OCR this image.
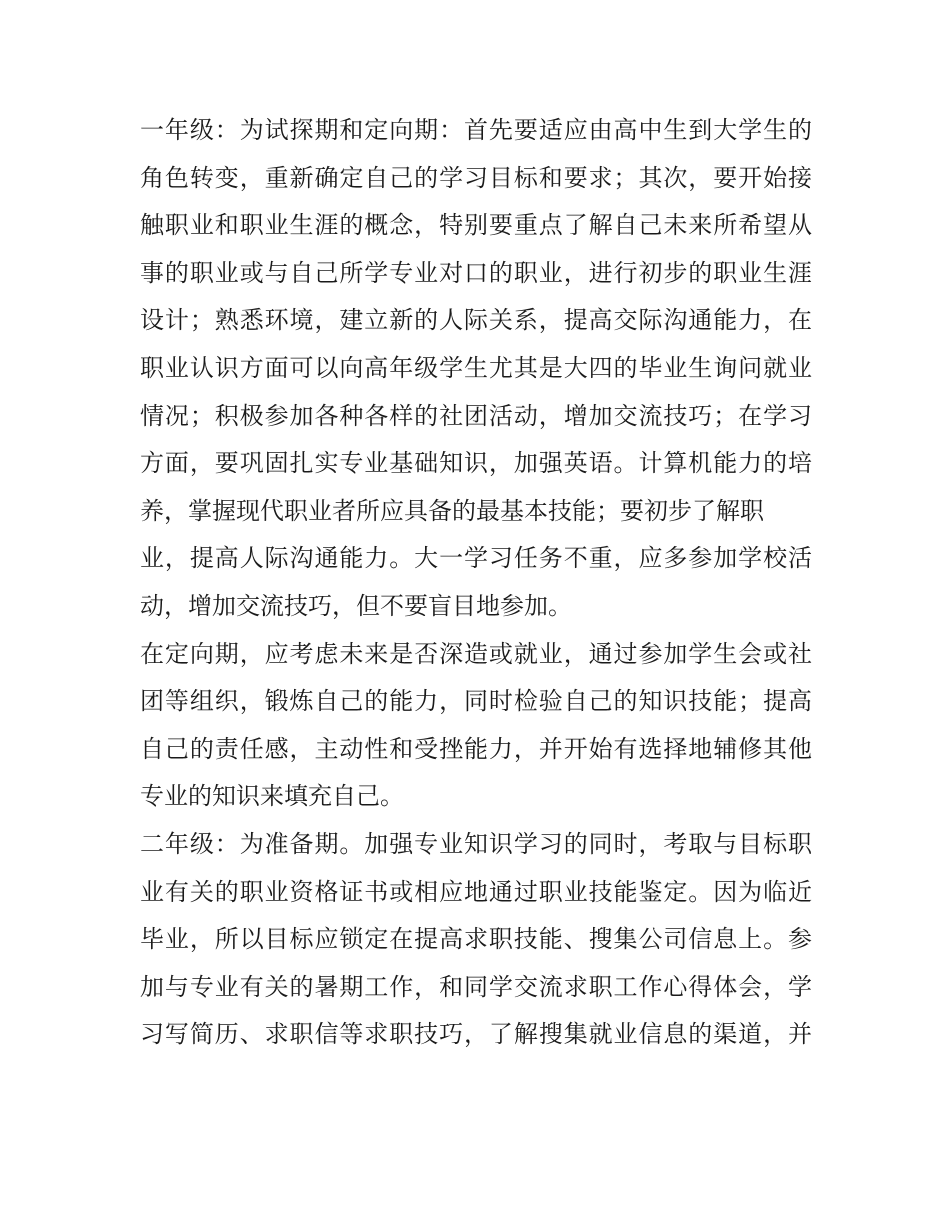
一年级：为试探期和定向期：首先要适应由高中生到大学生的
角色转变，重新确定自己的学习目标和要求；其次，要开始接
触职业和职业生涯的概念，特别要重点了解自己未来所希望从
事的职业或与自己所学专业对口的职业，进行初步的职业生涯
设计；熟悉环境，建立新的人际关系，提高交际沟通能力，在
职业认识方面可以向高年级学生尤其是大四的毕业生询问就业
情况；积极参加各种各样的社团活动，增加交流技巧；在学习
方面，要巩固扎实专业基础知识，加强英语。计算机能力的培
养，掌握现代职业者所应具备的最基本技能；要初步了解职
业，提高人际沟通能力。大一学习任务不重，应多参加学校活
动，增加交流技巧，但不要盲目地参加。
在定向期，应考虑未来是否深造或就业，通过参加学生会或社
团等组织，锻炼自己的能力，同时检验自己的知识技能；提高
自己的责任感，主动性和受挫能力，并开始有选择地辅修其他
专业的知识来填充自己。
二年级：为准备期。加强专业知识学习的同时，考取与目标职
业有关的职业资格证书或相应地通过职业技能鉴定。因为临近
毕业，所以目标应锁定在提高求职技能、搜集公司信息上。参
加与专业有关的暑期工作，和同学交流求职工作心得体会，学
习写简历、求职信等求职技巧，了解搜集就业信息的渠道，并
